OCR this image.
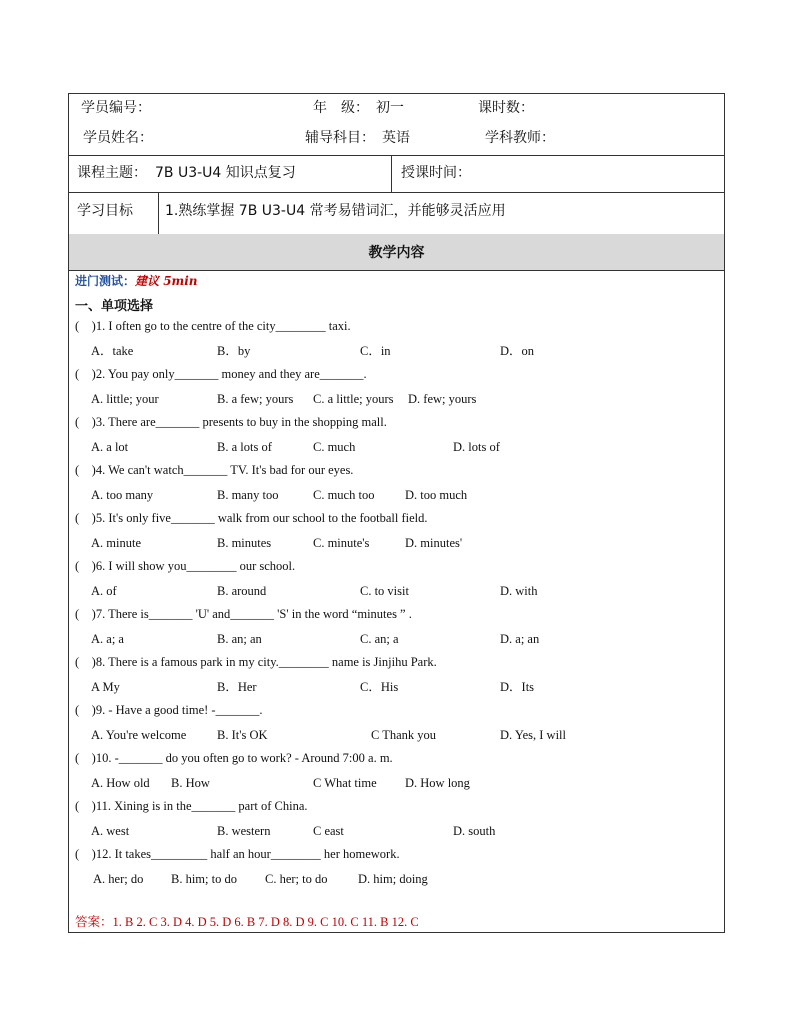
学员编号：	年　级： 初一	课时数：
学员姓名：	辅导科目： 英语	学科教师：
课程主题： 7B U3-U4 知识点复习	授课时间：
学习目标 1.熟练掌握 7B U3-U4 常考易错词汇，并能够灵活应用
教学内容
进门测试：建议 5min
一、单项选择
(　)1. I often go to the centre of the city________ taxi.
A．take	B．by	C．in	D．on
(　)2. You pay only_______ money and they are_______.
A. little; your	B. a few; yours C. a little; yours D. few; yours
(　)3. There are_______ presents to buy in the shopping mall.
A. a lot	B. a lots of	C. much	D. lots of
(　)4. We can't watch_______ TV. It's bad for our eyes.
A. too many	B. many too	C. much too D. too much
(　)5. It's only five_______ walk from our school to the football field.
A. minute	B. minutes	C. minute's	D. minutes'
(　)6. I will show you________ our school.
A. of	B. around	C. to visit	D. with
(　)7. There is_______ 'U' and_______ 'S' in the word “minutes ” .
A. a; a	B. an; an	C. an; a	D. a; an
(　)8. There is a famous park in my city.________ name is Jinjihu Park.
A My	B．Her	C．His	D．Its
(　)9. - Have a good time! -_______.
A. You're welcome B. It's OK	C Thank you	D. Yes, I will
(　)10. -_______ do you often go to work? - Around 7:00 a. m.
A. How old B. How	C What time D. How long
(　)11. Xining is in the_______ part of China.
A. west	B. western	C east	D. south
(　)12. It takes_________ half an hour________ her homework.
A. her; do B. him; to do C. her; to do D. him; doing
答案：1. B 2. C 3. D 4. D 5. D 6. B 7. D 8. D 9. C 10. C 11. B 12. C
